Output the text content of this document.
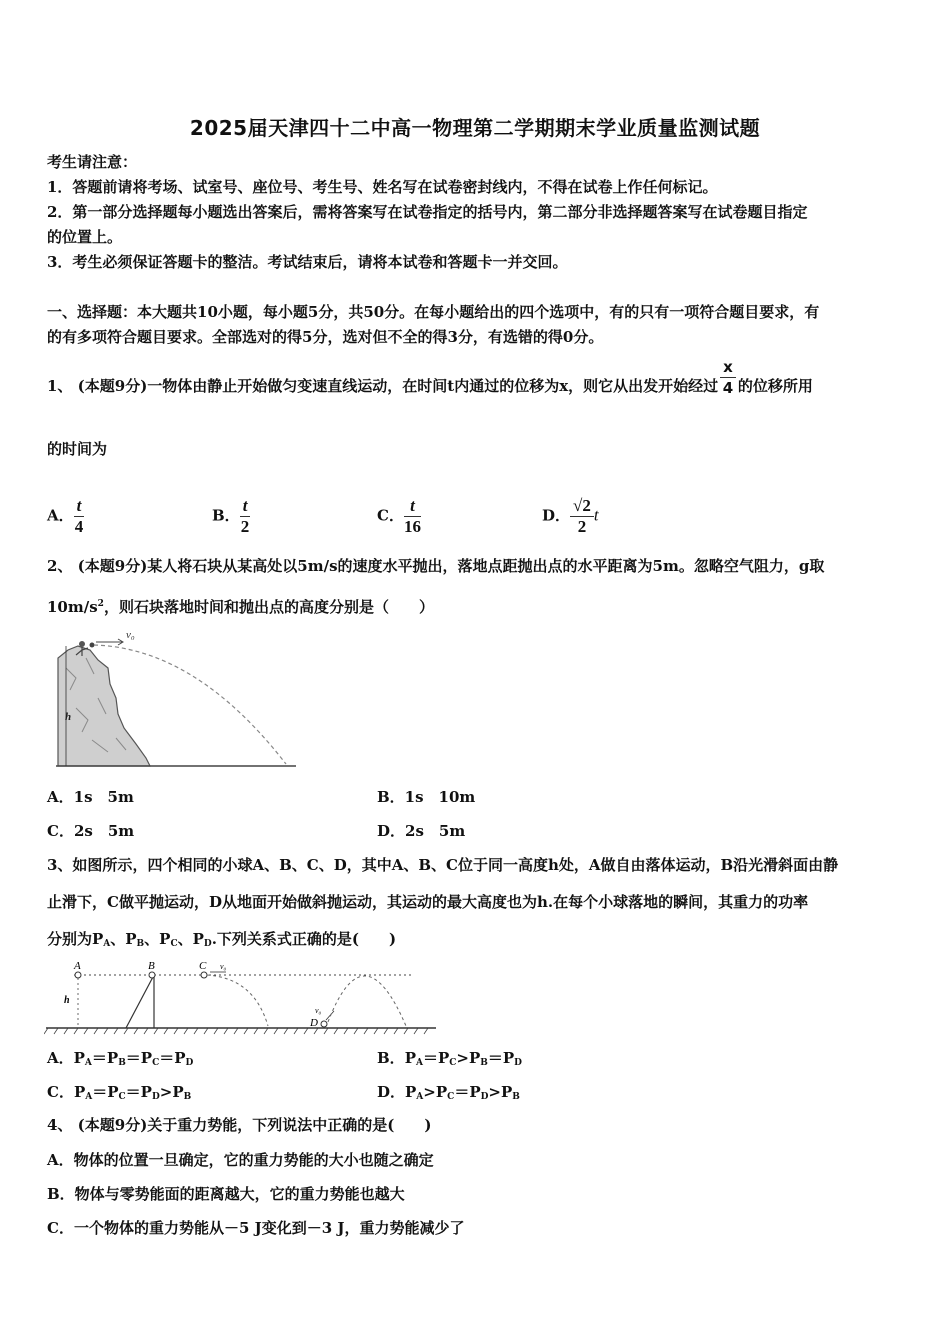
2025届天津四十二中高一物理第二学期期末学业质量监测试题
考生请注意：
1．答题前请将考场、试室号、座位号、考生号、姓名写在试卷密封线内，不得在试卷上作任何标记。
2．第一部分选择题每小题选出答案后，需将答案写在试卷指定的括号内，第二部分非选择题答案写在试卷题目指定
的位置上。
3．考生必须保证答题卡的整洁。考试结束后，请将本试卷和答题卡一并交回。
一、选择题：本大题共10小题，每小题5分，共50分。在每小题给出的四个选项中，有的只有一项符合题目要求，有
的有多项符合题目要求。全部选对的得5分，选对但不全的得3分，有选错的得0分。
1、 (本题9分)一物体由静止开始做匀变速直线运动，在时间t内通过的位移为x，则它从出发开始经过 $\frac{x}{4}$ 的位移所用
的时间为
A． $\frac{t}{4}$	B． $\frac{t}{2}$	C． $\frac{t}{16}$	D． $\frac{√2}{2}$ t
2、 (本题9分)某人将石块从某高处以5m/s的速度水平抛出，落地点距抛出点的水平距离为5m。忽略空气阻力，g取
$10m/s^2$，则石块落地时间和抛出点的高度分别是（　　）
v₀
h
A．1s　5m	B．1s　10m
C．2s　5m	D．2s　5m
3、如图所示，四个相同的小球A、B、C、D，其中A、B、C位于同一高度h处，A做自由落体运动，B沿光滑斜面由静
止滑下，C做平抛运动，D从地面开始做斜抛运动，其运动的最大高度也为h.在每个小球落地的瞬间，其重力的功率
分别为$P_A$、$P_B$、$P_C$、$P_D$.下列关系式正确的是(　　)
A
h
B	C v₀
D
v₀
A．$P_A=P_B=P_C=P_D$	B．$P_A=P_C>P_B=P_D$
C．$P_A=P_C=P_D>P_B$	D．$P_A>P_C=P_D>P_B$
4、 (本题9分)关于重力势能，下列说法中正确的是(　　)
A．物体的位置一旦确定，它的重力势能的大小也随之确定
B．物体与零势能面的距离越大，它的重力势能也越大
C．一个物体的重力势能从－5 J变化到－3 J，重力势能减少了
